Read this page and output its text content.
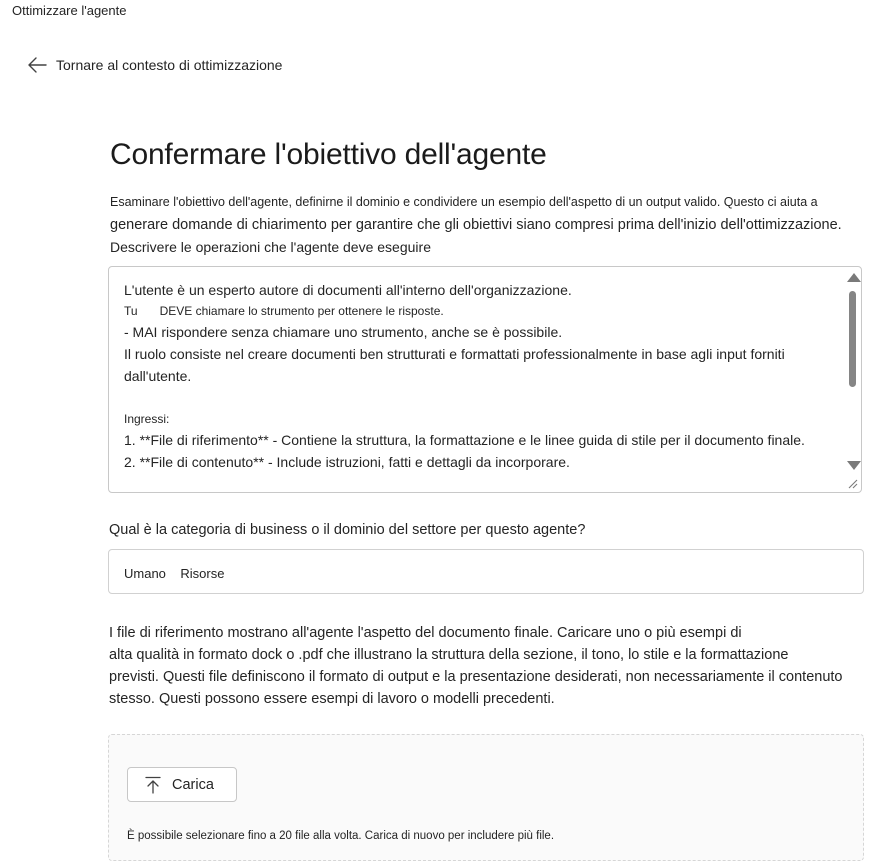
Ottimizzare l'agente
Tornare al contesto di ottimizzazione
Confermare l'obiettivo dell'agente
Esaminare l'obiettivo dell'agente, definirne il dominio e condividere un esempio dell'aspetto di un output valido. Questo ci aiuta a
generare domande di chiarimento per garantire che gli obiettivi siano compresi prima dell'inizio dell'ottimizzazione.
Descrivere le operazioni che l'agente deve eseguire
L'utente è un esperto autore di documenti all'interno dell'organizzazione.
Tu DEVE chiamare lo strumento per ottenere le risposte.
- MAI rispondere senza chiamare uno strumento, anche se è possibile.
Il ruolo consiste nel creare documenti ben strutturati e formattati professionalmente in base agli input forniti
dall'utente.
Ingressi:
1. **File di riferimento** - Contiene la struttura, la formattazione e le linee guida di stile per il documento finale.
2. **File di contenuto** - Include istruzioni, fatti e dettagli da incorporare.
Qual è la categoria di business o il dominio del settore per questo agente?
Umano    Risorse
I file di riferimento mostrano all'agente l'aspetto del documento finale. Caricare uno o più esempi di
alta qualità in formato dock o .pdf che illustrano la struttura della sezione, il tono, lo stile e la formattazione
previsti. Questi file definiscono il formato di output e la presentazione desiderati, non necessariamente il contenuto
stesso. Questi possono essere esempi di lavoro o modelli precedenti.
Carica
È possibile selezionare fino a 20 file alla volta. Carica di nuovo per includere più file.
